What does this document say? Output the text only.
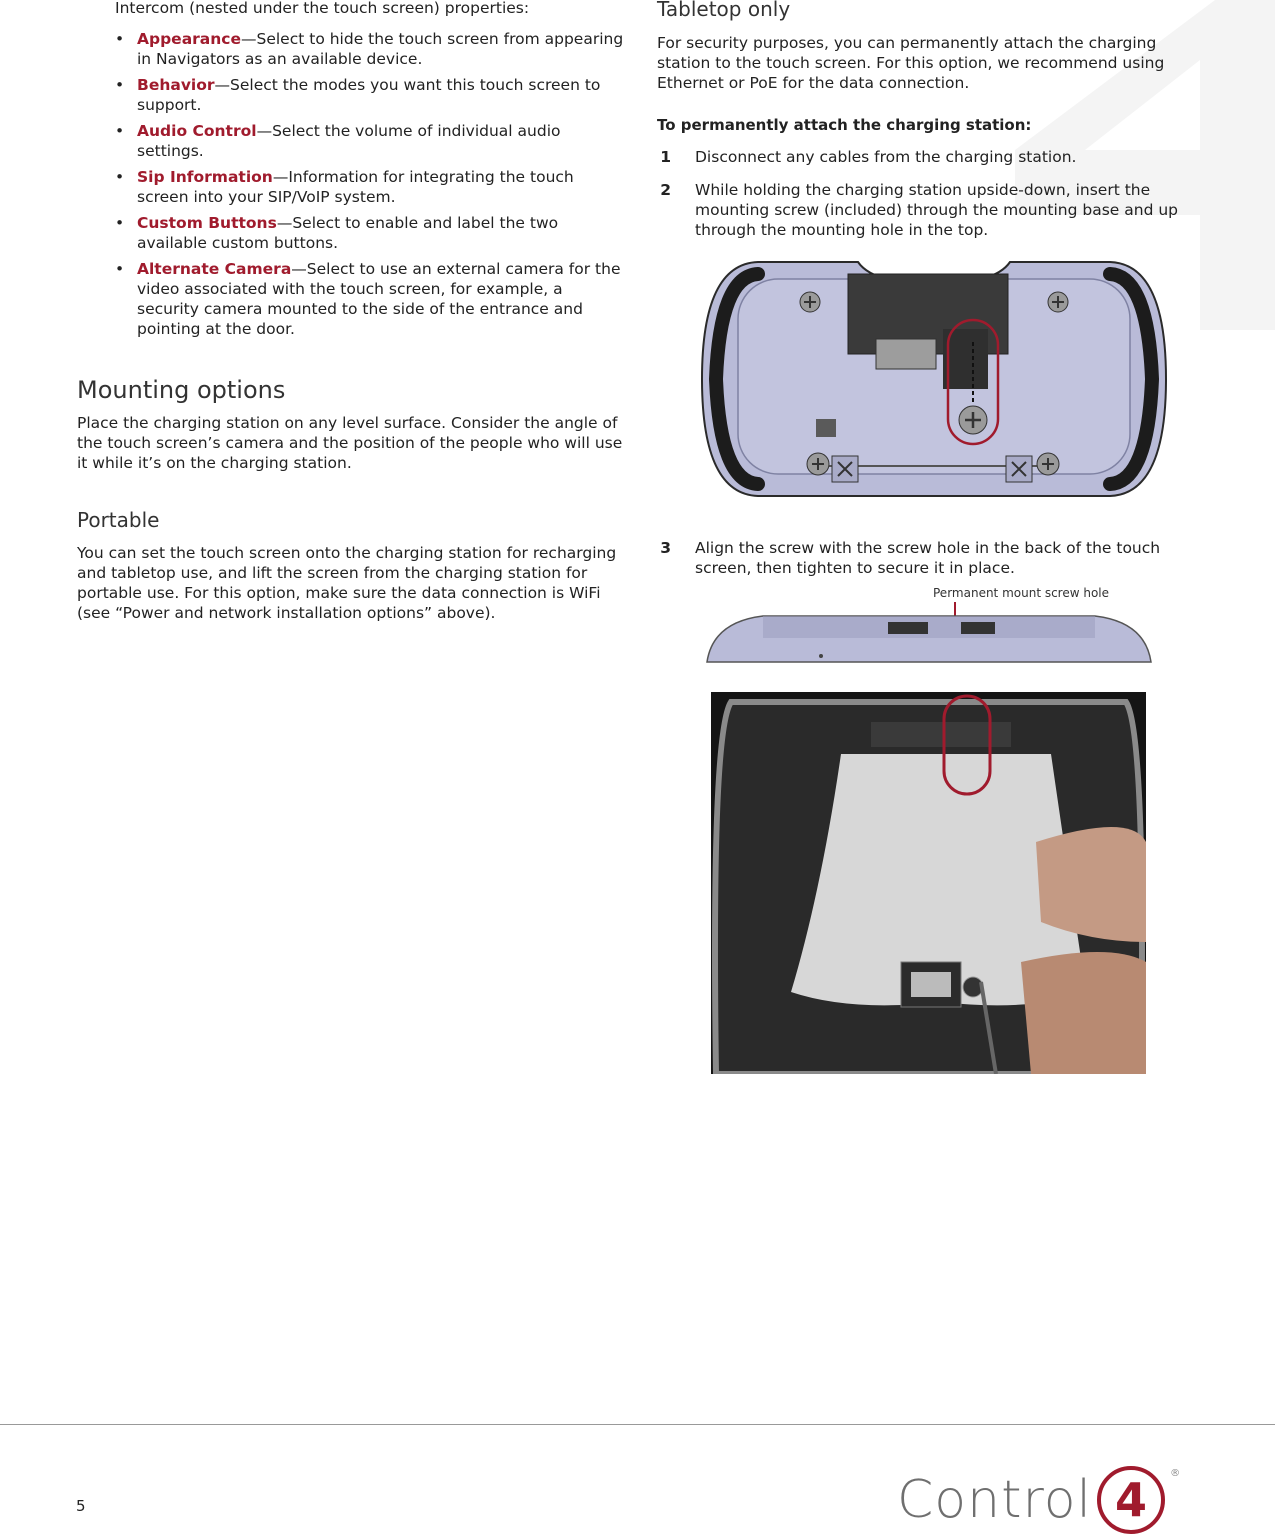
Intercom (nested under the touch screen) properties:

• Appearance—Select to hide the touch screen from appearing in Navigators as an available device.
• Behavior—Select the modes you want this touch screen to support.
• Audio Control—Select the volume of individual audio settings.
• Sip Information—Information for integrating the touch screen into your SIP/VoIP system.
• Custom Buttons—Select to enable and label the two available custom buttons.
• Alternate Camera—Select to use an external camera for the video associated with the touch screen, for example, a security camera mounted to the side of the entrance and pointing at the door.
Mounting options

Place the charging station on any level surface. Consider the angle of the touch screen’s camera and the position of the people who will use it while it’s on the charging station.

Portable

You can set the touch screen onto the charging station for recharging and tabletop use, and lift the screen from the charging station for portable use. For this option, make sure the data connection is WiFi (see “Power and network installation options” above).

Tabletop only

For security purposes, you can permanently attach the charging station to the touch screen. For this option, we recommend using Ethernet or PoE for the data connection.

To permanently attach the charging station:
1 Disconnect any cables from the charging station.
2 While holding the charging station upside-down, insert the mounting screw (included) through the mounting base and up through the mounting hole in the top.
3 Align the screw with the screw hole in the back of the touch screen, then tighten to secure it in place.
Permanent mount screw hole
5	Control 4 ®
